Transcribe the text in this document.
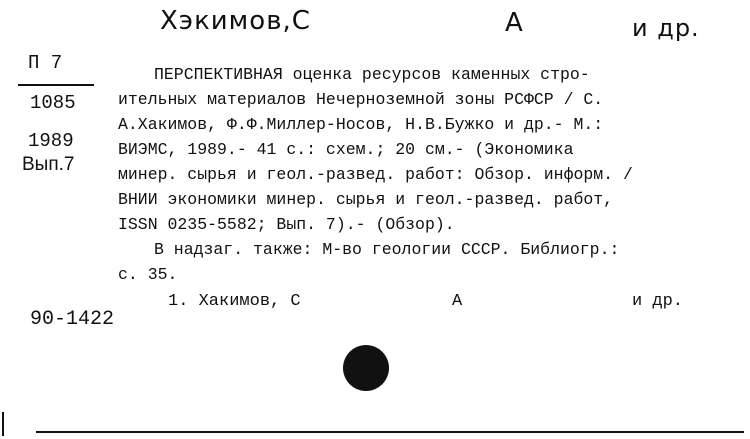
Хэкимов,С	А	и др.
П 7
1085
1989
Вып.7
ПЕРСПЕКТИВНАЯ оценка ресурсов каменных стро-
ительных материалов Нечерноземной зоны РСФСР / С.
А.Хакимов, Ф.Ф.Миллер-Носов, Н.В.Бужко и др.- М.:
ВИЭМС, 1989.- 41 с.: схем.; 20 см.- (Экономика
минер. сырья и геол.-развед. работ: Обзор. информ. /
ВНИИ экономики минер. сырья и геол.-развед. работ,
ISSN 0235-5582; Вып. 7).- (Обзор).
В надзаг. также: М-во геологии СССР. Библиогр.:
с. 35.
1. Хакимов, С	А	и др.
90-1422
